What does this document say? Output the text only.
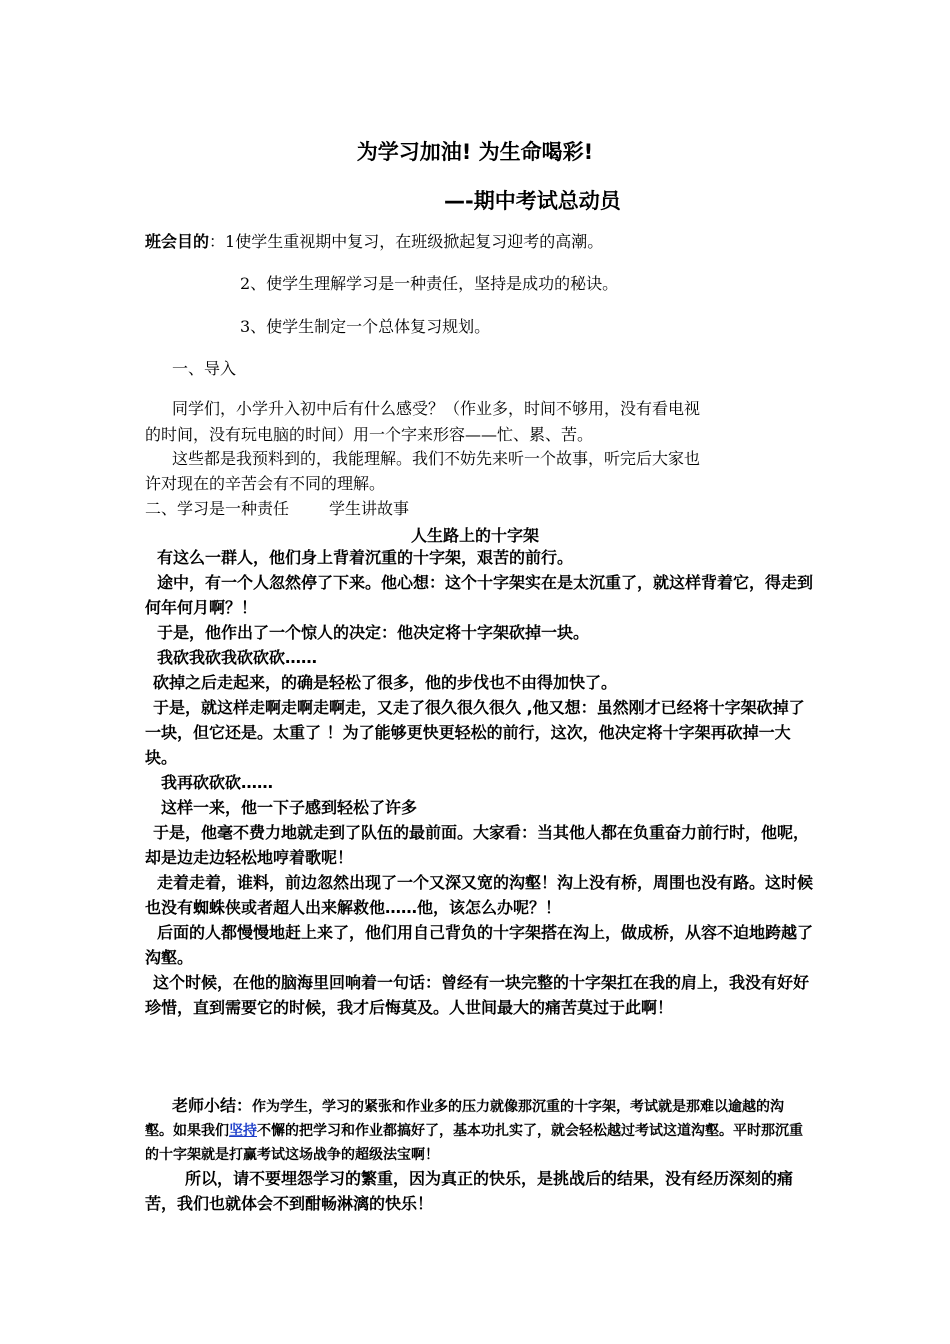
为学习加油! 为生命喝彩!
—-期中考试总动员
班会目的：1使学生重视期中复习，在班级掀起复习迎考的高潮。
2、使学生理解学习是一种责任，坚持是成功的秘诀。
3、使学生制定一个总体复习规划。
一、导入
同学们，小学升入初中后有什么感受？（作业多，时间不够用，没有看电视
的时间，没有玩电脑的时间）用一个字来形容——忙、累、苦。
这些都是我预料到的，我能理解。我们不妨先来听一个故事，听完后大家也
许对现在的辛苦会有不同的理解。
二、学习是一种责任	学生讲故事
人生路上的十字架

有这么一群人，他们身上背着沉重的十字架，艰苦的前行。

途中，有一个人忽然停了下来。他心想：这个十字架实在是太沉重了，就这样背着它，得走到何年何月啊？！

于是，他作出了一个惊人的决定：他决定将十字架砍掉一块。

我砍我砍我砍砍砍……

砍掉之后走起来，的确是轻松了很多，他的步伐也不由得加快了。

于是，就这样走啊走啊走啊走，又走了很久很久很久 ,他又想：虽然刚才已经将十字架砍掉了一块，但它还是。太重了 ！为了能够更快更轻松的前行，这次，他决定将十字架再砍掉一大块。

我再砍砍砍……

这样一来，他一下子感到轻松了许多

于是，他毫不费力地就走到了队伍的最前面。大家看：当其他人都在负重奋力前行时，他呢，却是边走边轻松地哼着歌呢！

走着走着，谁料，前边忽然出现了一个又深又宽的沟壑！沟上没有桥，周围也没有路。这时候也没有蜘蛛侠或者超人出来解救他……他，该怎么办呢？！

后面的人都慢慢地赶上来了，他们用自己背负的十字架搭在沟上，做成桥，从容不迫地跨越了沟壑。

这个时候，在他的脑海里回响着一句话：曾经有一块完整的十字架扛在我的肩上，我没有好好珍惜，直到需要它的时候，我才后悔莫及。人世间最大的痛苦莫过于此啊！

老师小结：作为学生，学习的紧张和作业多的压力就像那沉重的十字架，考试就是那难以逾越的沟壑。如果我们坚持不懈的把学习和作业都搞好了，基本功扎实了，就会轻松越过考试这道沟壑。平时那沉重的十字架就是打赢考试这场战争的超级法宝啊！

所以，请不要埋怨学习的繁重，因为真正的快乐，是挑战后的结果，没有经历深刻的痛苦，我们也就体会不到酣畅淋漓的快乐！
